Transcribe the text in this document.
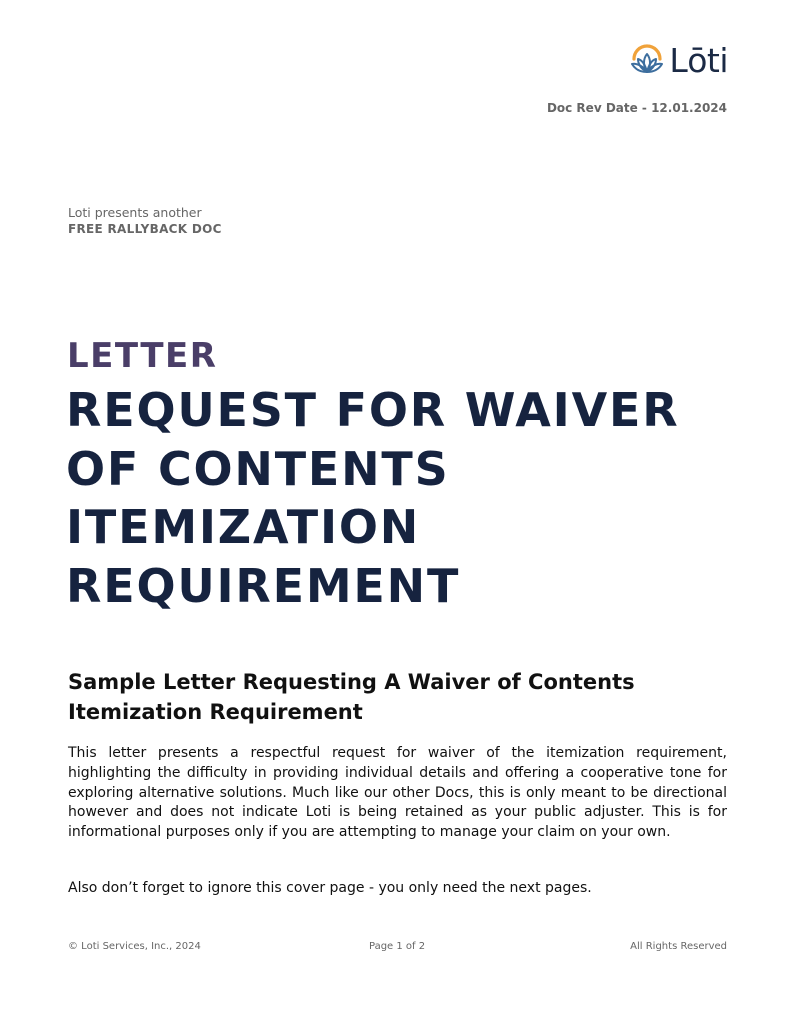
Lōti
Doc Rev Date - 12.01.2024
Loti presents another
FREE RALLYBACK DOC
LETTER
REQUEST FOR WAIVER OF CONTENTS ITEMIZATION REQUIREMENT
Sample Letter Requesting A Waiver of Contents Itemization Requirement

This letter presents a respectful request for waiver of the itemization requirement, highlighting the difficulty in providing individual details and offering a cooperative tone for exploring alternative solutions. Much like our other Docs, this is only meant to be directional however and does not indicate Loti is being retained as your public adjuster. This is for informational purposes only if you are attempting to manage your claim on your own.

Also don’t forget to ignore this cover page - you only need the next pages.

© Loti Services, Inc., 2024	Page 1 of 2	All Rights Reserved
